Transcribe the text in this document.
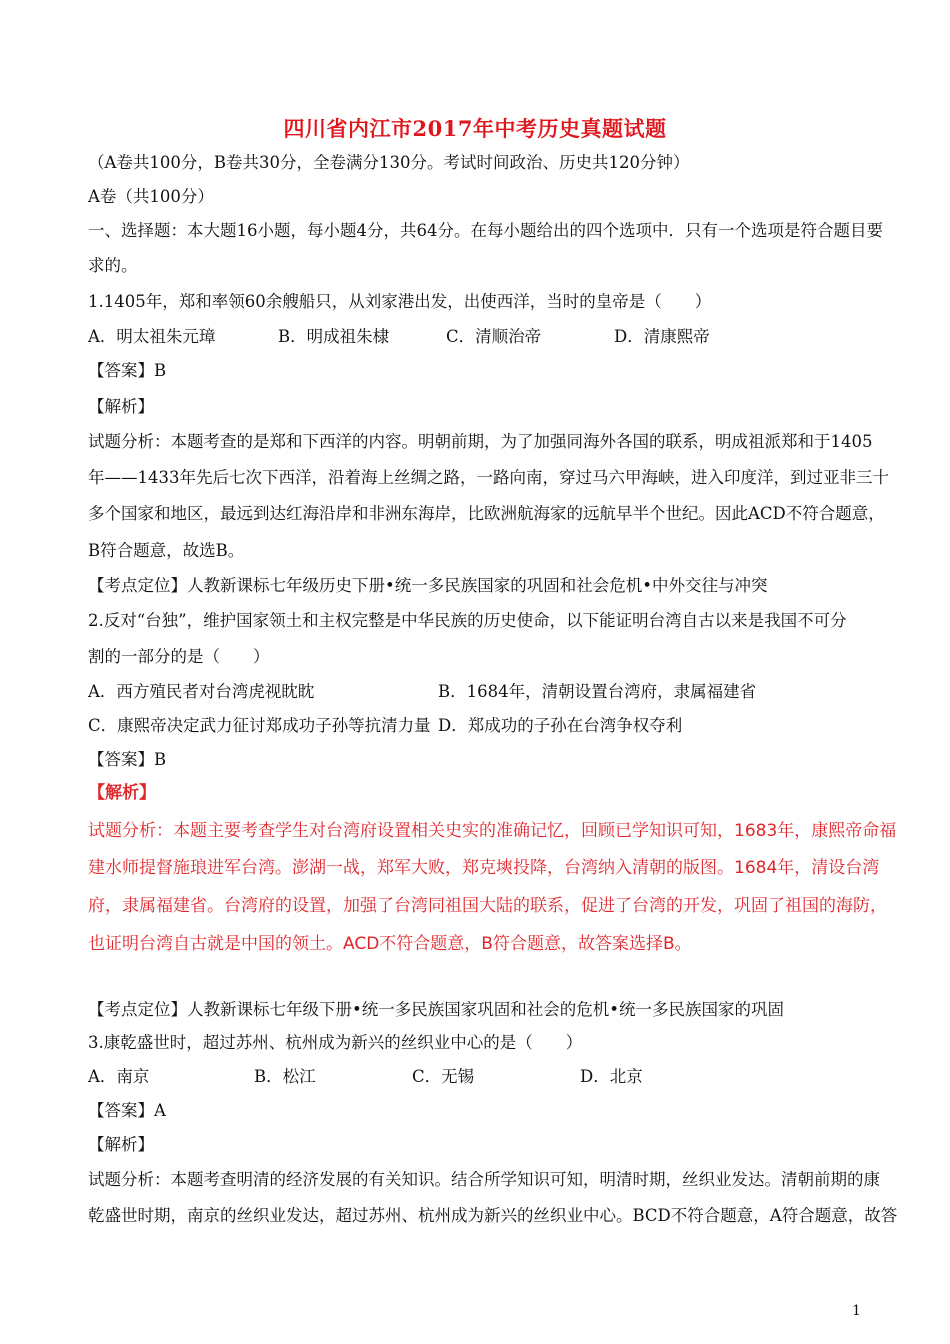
四川省内江市2017年中考历史真题试题
（A卷共100分，B卷共30分，全卷满分130分。考试时间政治、历史共120分钟）
A卷（共100分）
一、选择题：本大题16小题，每小题4分，共64分。在每小题给出的四个选项中．只有一个选项是符合题目要
求的。
1.1405年，郑和率领60余艘船只，从刘家港出发，出使西洋，当时的皇帝是（　　）
A．明太祖朱元璋	B．明成祖朱棣	C．清顺治帝	D．清康熙帝
【答案】B
【解析】
试题分析：本题考查的是郑和下西洋的内容。明朝前期，为了加强同海外各国的联系，明成祖派郑和于1405
年——1433年先后七次下西洋，沿着海上丝绸之路，一路向南，穿过马六甲海峡，进入印度洋，到过亚非三十
多个国家和地区，最远到达红海沿岸和非洲东海岸，比欧洲航海家的远航早半个世纪。因此ACD不符合题意，
B符合题意，故选B。
【考点定位】人教新课标七年级历史下册•统一多民族国家的巩固和社会危机•中外交往与冲突
2.反对“台独”，维护国家领土和主权完整是中华民族的历史使命，以下能证明台湾自古以来是我国不可分
割的一部分的是（　　）
A．西方殖民者对台湾虎视眈眈	B．1684年，清朝设置台湾府，隶属福建省
C．康熙帝决定武力征讨郑成功子孙等抗清力量 D．郑成功的子孙在台湾争权夺利
【答案】B
【解析】
试题分析：本题主要考查学生对台湾府设置相关史实的准确记忆，回顾已学知识可知，1683年，康熙帝命福
建水师提督施琅进军台湾。澎湖一战，郑军大败，郑克塽投降，台湾纳入清朝的版图。1684年，清设台湾
府，隶属福建省。台湾府的设置，加强了台湾同祖国大陆的联系，促进了台湾的开发，巩固了祖国的海防，
也证明台湾自古就是中国的领土。ACD不符合题意，B符合题意，故答案选择B。
【考点定位】人教新课标七年级下册•统一多民族国家巩固和社会的危机•统一多民族国家的巩固
3.康乾盛世时，超过苏州、杭州成为新兴的丝织业中心的是（　　）
A．南京	B．松江	C．无锡	D．北京
【答案】A
【解析】
试题分析：本题考查明清的经济发展的有关知识。结合所学知识可知，明清时期，丝织业发达。清朝前期的康
乾盛世时期，南京的丝织业发达，超过苏州、杭州成为新兴的丝织业中心。BCD不符合题意，A符合题意，故答
1
